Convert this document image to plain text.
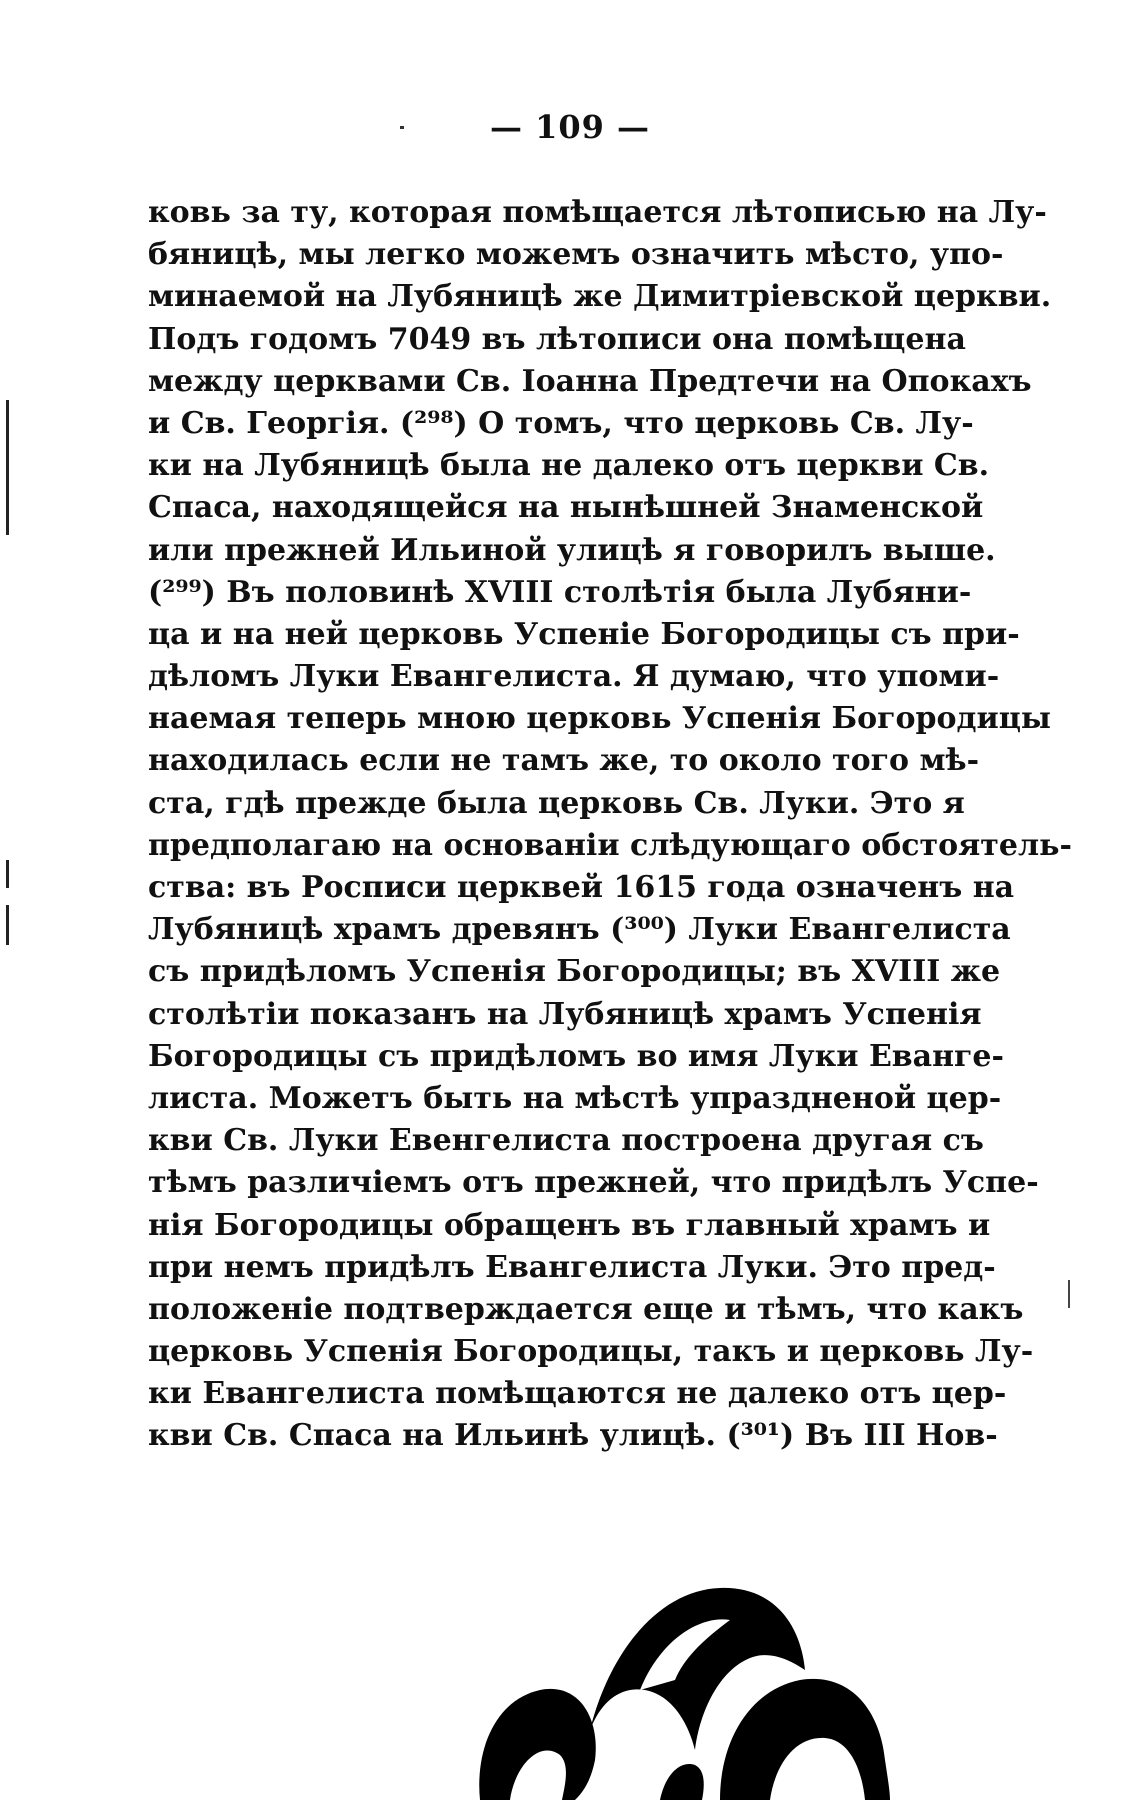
— 109 —
ковь за ту, которая помѣщается лѣтописью на Лу-
бяницѣ, мы легко можемъ означить мѣсто, упо-
минаемой на Лубяницѣ же Димитріевской церкви.
Подъ годомъ 7049 въ лѣтописи она помѣщена
между церквами Св. Іоанна Предтечи на Опокахъ
и Св. Георгія. (²⁹⁸) О томъ, что церковь Св. Лу-
ки на Лубяницѣ была не далеко отъ церкви Св.
Спаса, находящейся на нынѣшней Знаменской
или прежней Ильиной улицѣ я говорилъ выше.
(²⁹⁹) Въ половинѣ XVIII столѣтія была Лубяни-
ца и на ней церковь Успеніе Богородицы съ при-
дѣломъ Луки Евангелиста. Я думаю, что упоми-
наемая теперь мною церковь Успенія Богородицы
находилась если не тамъ же, то около того мѣ-
ста, гдѣ прежде была церковь Св. Луки. Это я
предполагаю на основаніи слѣдующаго обстоятель-
ства: въ Росписи церквей 1615 года означенъ на
Лубяницѣ храмъ древянъ (³⁰⁰) Луки Евангелиста
съ придѣломъ Успенія Богородицы; въ XVIII же
столѣтіи показанъ на Лубяницѣ храмъ Успенія
Богородицы съ придѣломъ во имя Луки Еванге-
листа. Можетъ быть на мѣстѣ упраздненой цер-
кви Св. Луки Евенгелиста построена другая съ
тѣмъ различіемъ отъ прежней, что придѣлъ Успе-
нія Богородицы обращенъ въ главный храмъ и
при немъ придѣлъ Евангелиста Луки. Это пред-
положеніе подтверждается еще и тѣмъ, что какъ
церковь Успенія Богородицы, такъ и церковь Лу-
ки Евангелиста помѣщаются не далеко отъ цер-
кви Св. Спаса на Ильинѣ улицѣ. (³⁰¹) Въ III Нов-
